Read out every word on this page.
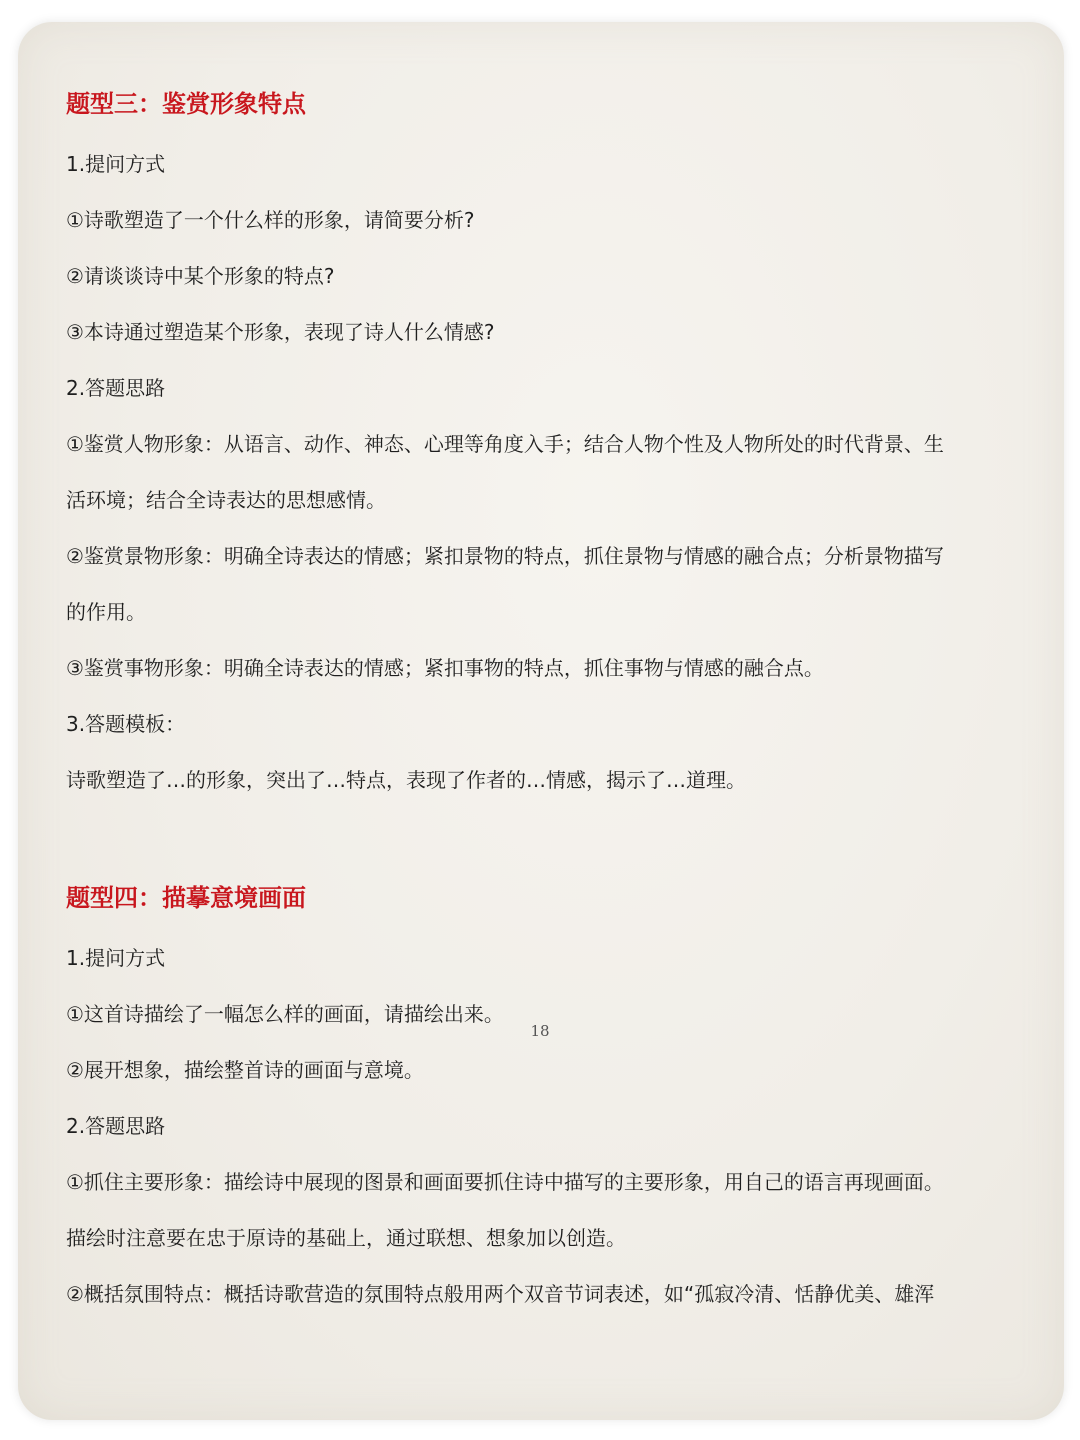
题型三：鉴赏形象特点

1.提问方式

①诗歌塑造了一个什么样的形象，请简要分析?

②请谈谈诗中某个形象的特点?

③本诗通过塑造某个形象，表现了诗人什么情感?

2.答题思路

①鉴赏人物形象：从语言、动作、神态、心理等角度入手；结合人物个性及人物所处的时代背景、生

活环境；结合全诗表达的思想感情。

②鉴赏景物形象：明确全诗表达的情感；紧扣景物的特点，抓住景物与情感的融合点；分析景物描写

的作用。

③鉴赏事物形象：明确全诗表达的情感；紧扣事物的特点，抓住事物与情感的融合点。

3.答题模板：

诗歌塑造了…的形象，突出了…特点，表现了作者的…情感，揭示了…道理。

题型四：描摹意境画面

1.提问方式

①这首诗描绘了一幅怎么样的画面，请描绘出来。

②展开想象，描绘整首诗的画面与意境。

2.答题思路

①抓住主要形象：描绘诗中展现的图景和画面要抓住诗中描写的主要形象，用自己的语言再现画面。

描绘时注意要在忠于原诗的基础上，通过联想、想象加以创造。

②概括氛围特点：概括诗歌营造的氛围特点般用两个双音节词表述，如“孤寂冷清、恬静优美、雄浑

18
